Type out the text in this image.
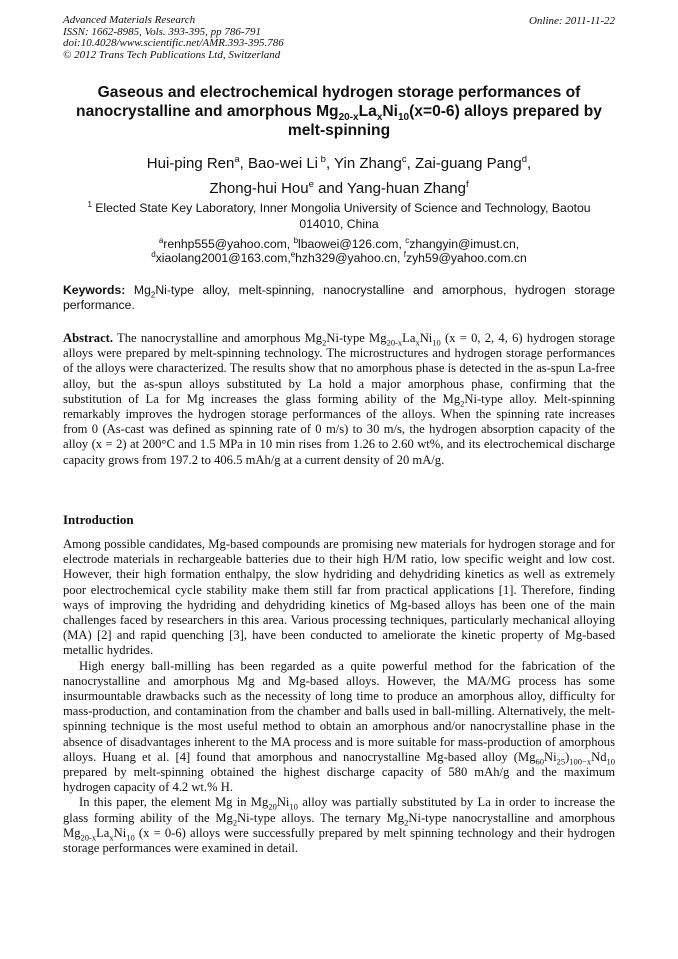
Advanced Materials Research
ISSN: 1662-8985, Vols. 393-395, pp 786-791
doi:10.4028/www.scientific.net/AMR.393-395.786
© 2012 Trans Tech Publications Ltd, Switzerland
Online: 2011-11-22
Gaseous and electrochemical hydrogen storage performances of
nanocrystalline and amorphous $Mg_{20-x}La_xNi_{10}(x=0-6)$ alloys prepared by
melt-spinning
Hui-ping Ren$^a$, Bao-wei Li $^b$, Yin Zhang$^c$, Zai-guang Pang$^d$,
Zhong-hui Hou$^e$ and Yang-huan Zhang$^f$
$^1$ Elected State Key Laboratory, Inner Mongolia University of Science and Technology, Baotou 014010, China
$^a$renhp555@yahoo.com, $^b$lbaowei@126.com, $^c$zhangyin@imust.cn,
$^d$xiaolang2001@163.com,$^e$hzh329@yahoo.cn, $^f$zyh59@yahoo.com.cn
Keywords: $Mg_2Ni$-type alloy, melt-spinning, nanocrystalline and amorphous, hydrogen storage performance.
Abstract. The nanocrystalline and amorphous $Mg_2Ni$-type $Mg_{20-x}La_xNi_{10}$ (x = 0, 2, 4, 6) hydrogen storage alloys were prepared by melt-spinning technology. The microstructures and hydrogen storage performances of the alloys were characterized. The results show that no amorphous phase is detected in the as-spun La-free alloy, but the as-spun alloys substituted by La hold a major amorphous phase, confirming that the substitution of La for Mg increases the glass forming ability of the $Mg_2Ni$-type alloy. Melt-spinning remarkably improves the hydrogen storage performances of the alloys. When the spinning rate increases from 0 (As-cast was defined as spinning rate of 0 m/s) to 30 m/s, the hydrogen absorption capacity of the alloy (x = 2) at 200°C and 1.5 MPa in 10 min rises from 1.26 to 2.60 wt%, and its electrochemical discharge capacity grows from 197.2 to 406.5 mAh/g at a current density of 20 mA/g.
Introduction

Among possible candidates, Mg-based compounds are promising new materials for hydrogen storage and for electrode materials in rechargeable batteries due to their high H/M ratio, low specific weight and low cost. However, their high formation enthalpy, the slow hydriding and dehydriding kinetics as well as extremely poor electrochemical cycle stability make them still far from practical applications [1]. Therefore, finding ways of improving the hydriding and dehydriding kinetics of Mg-based alloys has been one of the main challenges faced by researchers in this area. Various processing techniques, particularly mechanical alloying (MA) [2] and rapid quenching [3], have been conducted to ameliorate the kinetic property of Mg-based metallic hydrides.

High energy ball-milling has been regarded as a quite powerful method for the fabrication of the nanocrystalline and amorphous Mg and Mg-based alloys. However, the MA/MG process has some insurmountable drawbacks such as the necessity of long time to produce an amorphous alloy, difficulty for mass-production, and contamination from the chamber and balls used in ball-milling. Alternatively, the melt-spinning technique is the most useful method to obtain an amorphous and/or nanocrystalline phase in the absence of disadvantages inherent to the MA process and is more suitable for mass-production of amorphous alloys. Huang et al. [4] found that amorphous and nanocrystalline Mg-based alloy $(Mg_{60}Ni_{25})_{100-x}Nd_{10}$ prepared by melt-spinning obtained the highest discharge capacity of 580 mAh/g and the maximum hydrogen capacity of 4.2 wt.% H.

In this paper, the element Mg in $Mg_{20}Ni_{10}$ alloy was partially substituted by La in order to increase the glass forming ability of the $Mg_2Ni$-type alloys. The ternary $Mg_2Ni$-type nanocrystalline and amorphous $Mg_{20-x}La_xNi_{10}$ (x = 0-6) alloys were successfully prepared by melt spinning technology and their hydrogen storage performances were examined in detail.
